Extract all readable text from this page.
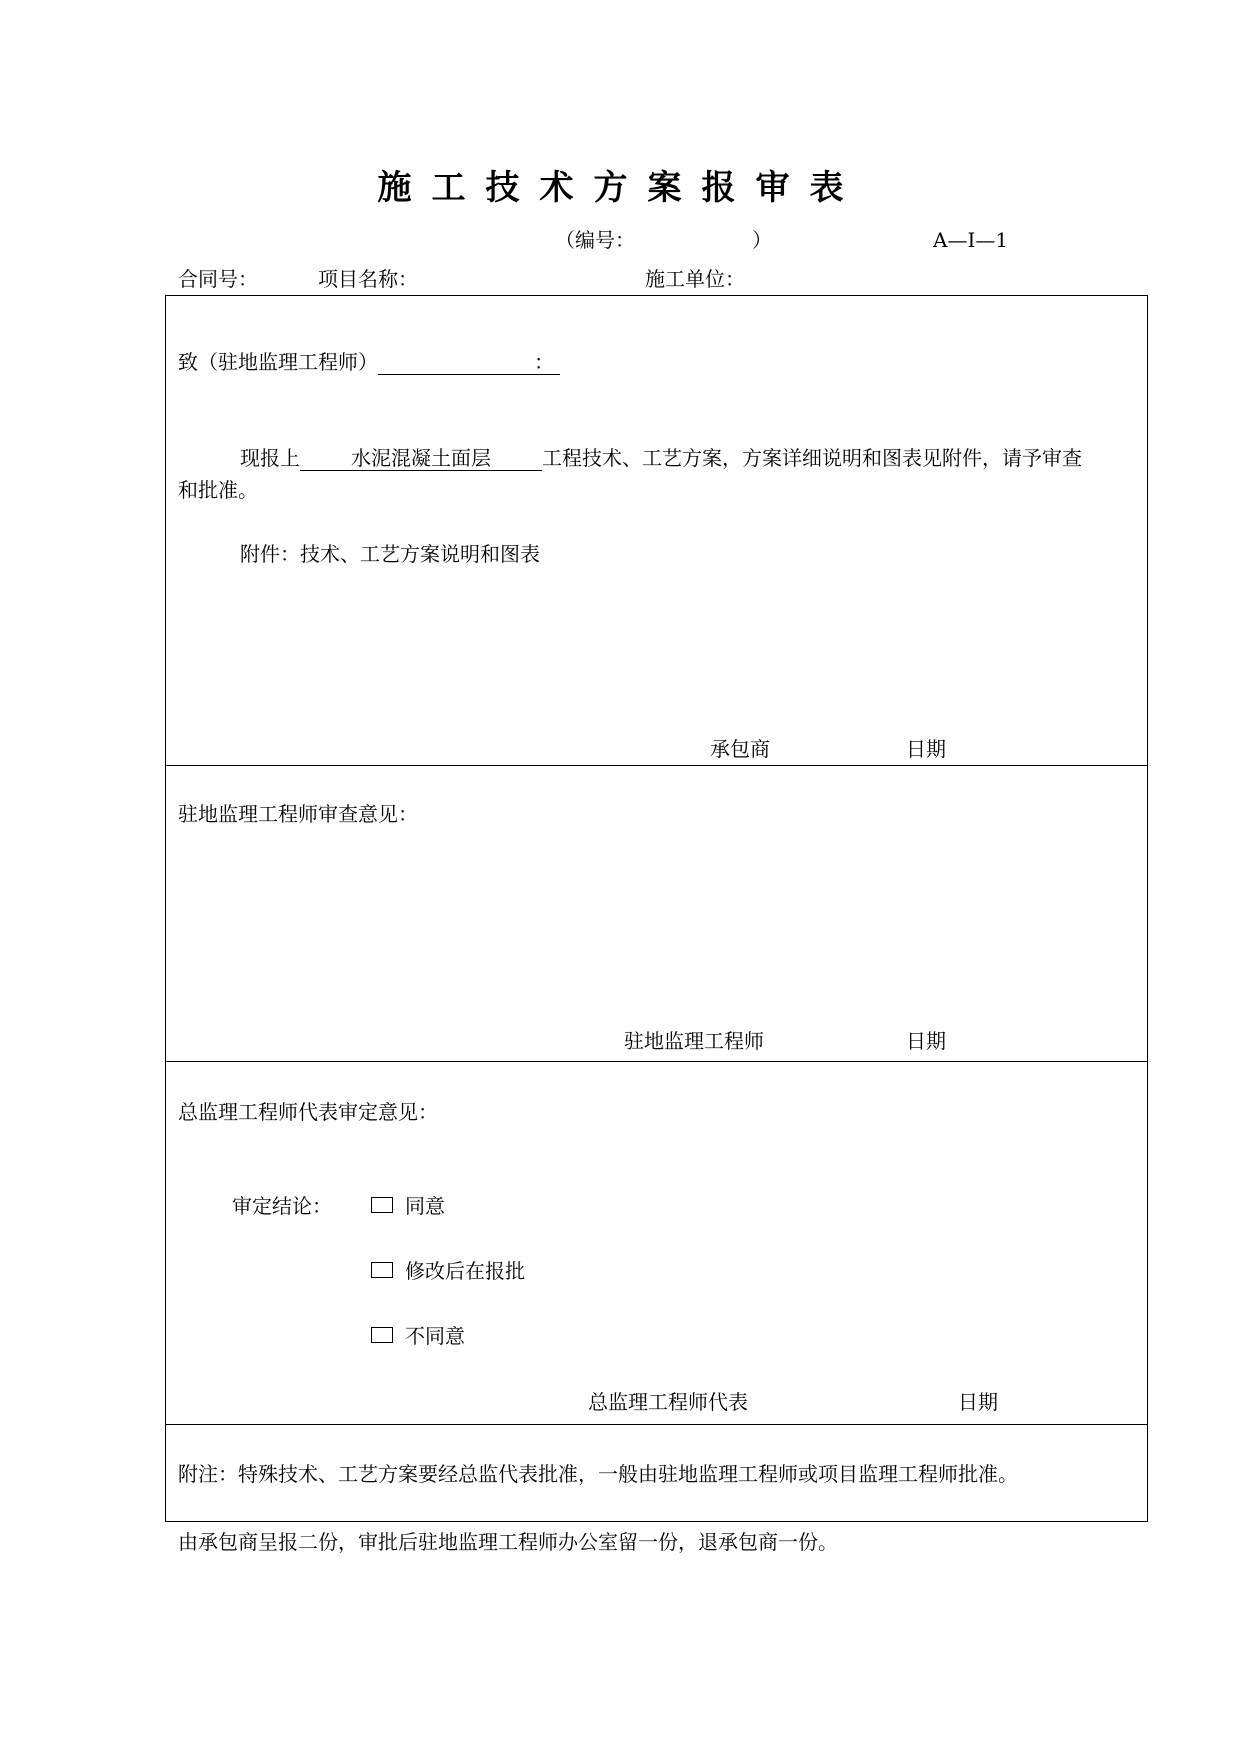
施工技术方案报审表
（编号：	）	A—Ⅰ—1
合同号：	项目名称：	施工单位：
致（驻地监理工程师）	：
现报上	水泥混凝土面层	工程技术、工艺方案，方案详细说明和图表见附件，请予审查
和批准。
附件：技术、工艺方案说明和图表
承包商	日期
驻地监理工程师审查意见：
驻地监理工程师	日期
总监理工程师代表审定意见：
审定结论：	同意
修改后在报批
不同意
总监理工程师代表	日期
附注：特殊技术、工艺方案要经总监代表批准，一般由驻地监理工程师或项目监理工程师批准。
由承包商呈报二份，审批后驻地监理工程师办公室留一份，退承包商一份。
